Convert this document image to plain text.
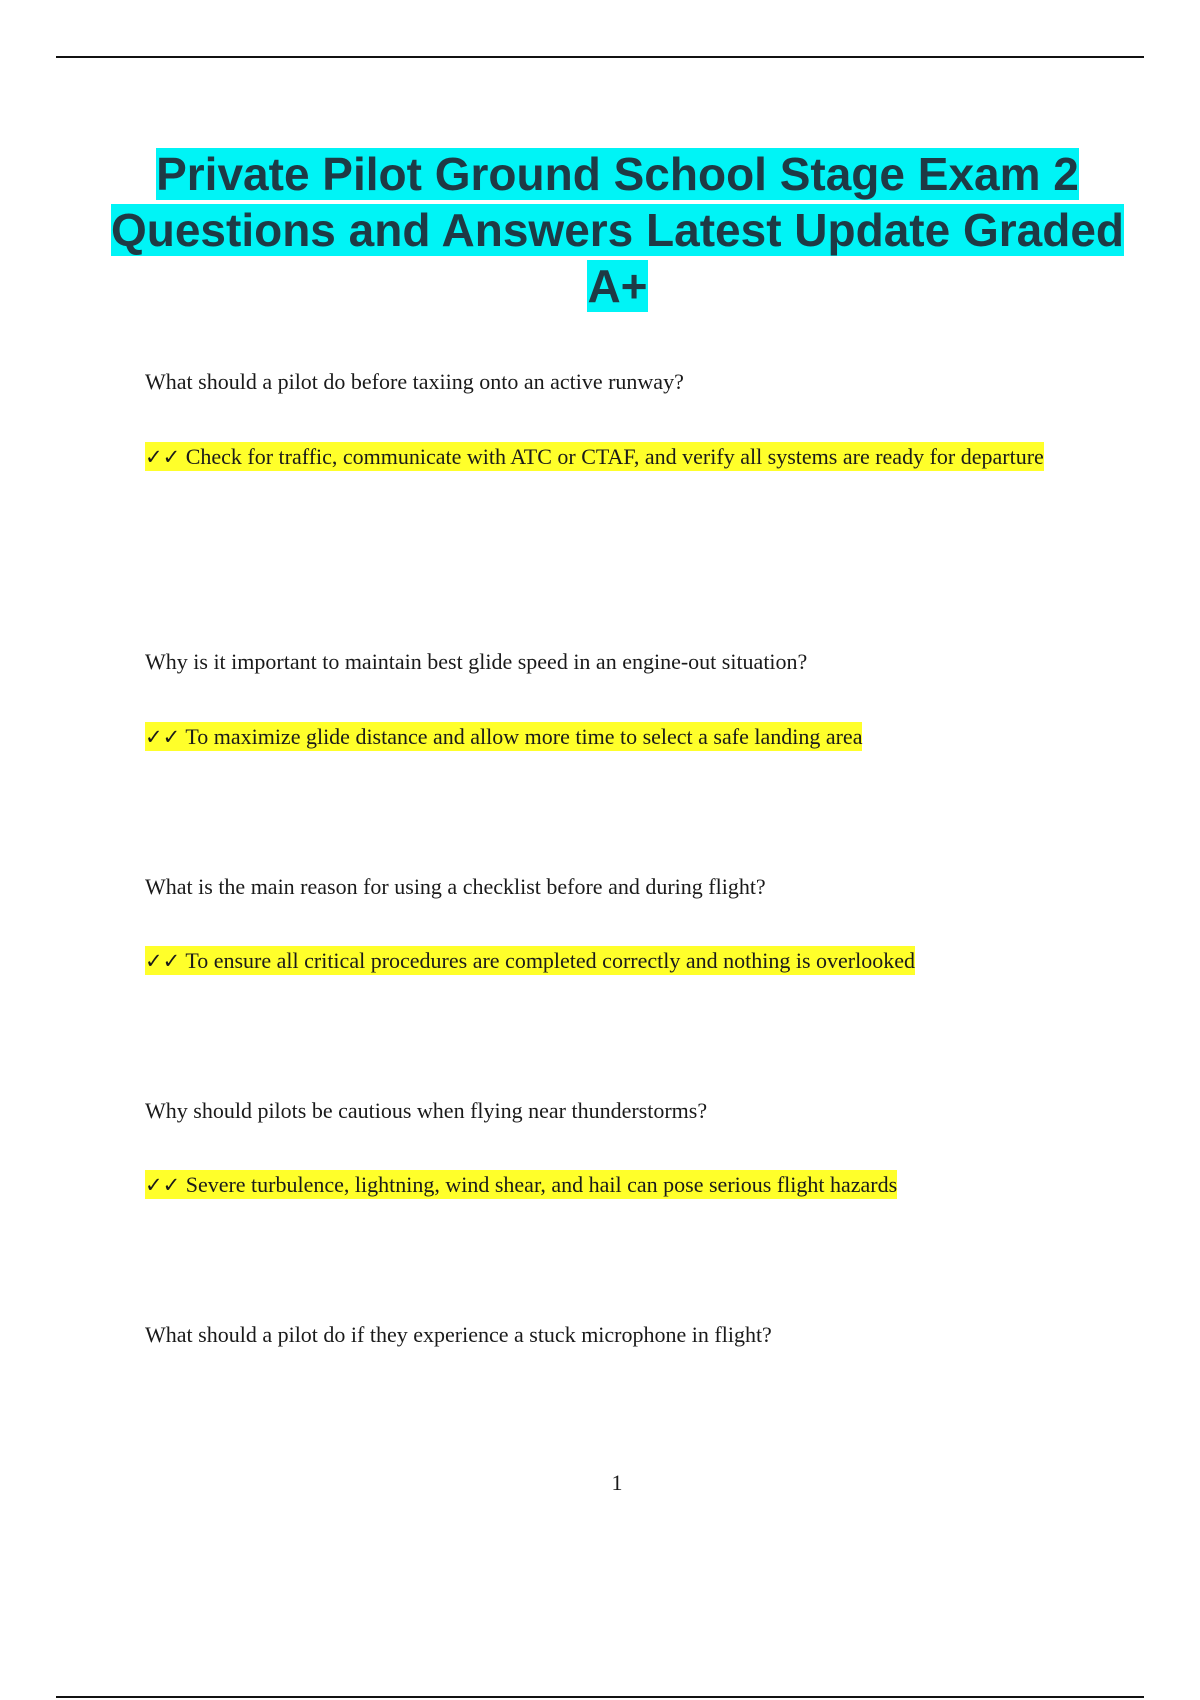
Private Pilot Ground School Stage Exam 2 Questions and Answers Latest Update Graded A+

What should a pilot do before taxiing onto an active runway?

✓✓ Check for traffic, communicate with ATC or CTAF, and verify all systems are ready for departure

Why is it important to maintain best glide speed in an engine-out situation?

✓✓ To maximize glide distance and allow more time to select a safe landing area

What is the main reason for using a checklist before and during flight?

✓✓ To ensure all critical procedures are completed correctly and nothing is overlooked

Why should pilots be cautious when flying near thunderstorms?

✓✓ Severe turbulence, lightning, wind shear, and hail can pose serious flight hazards

What should a pilot do if they experience a stuck microphone in flight?

1
